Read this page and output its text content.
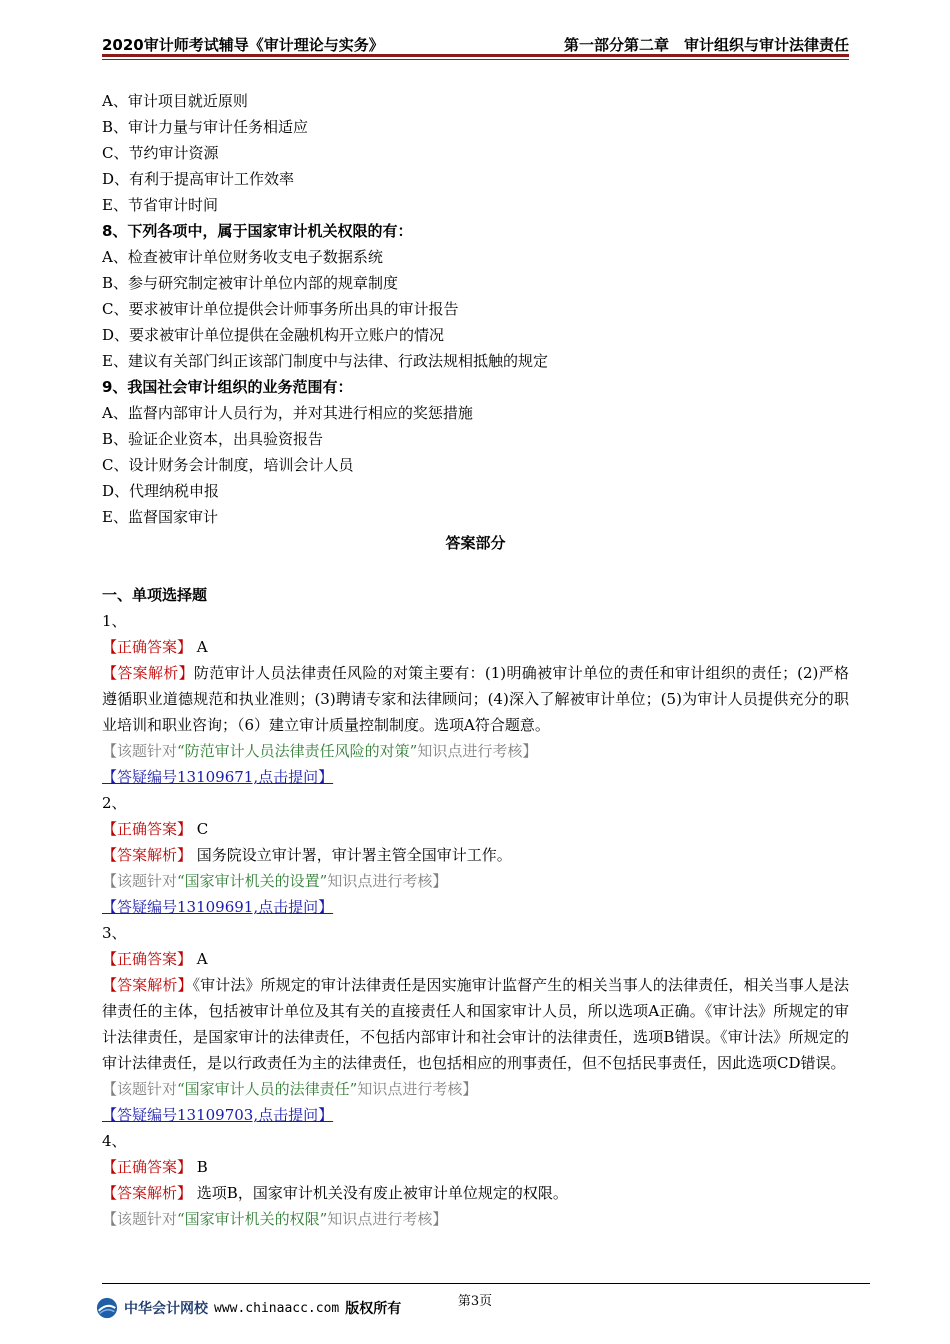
2020审计师考试辅导《审计理论与实务》	第一部分第二章　审计组织与审计法律责任
A、审计项目就近原则
B、审计力量与审计任务相适应
C、节约审计资源
D、有利于提高审计工作效率
E、节省审计时间
8、下列各项中，属于国家审计机关权限的有：
A、检查被审计单位财务收支电子数据系统
B、参与研究制定被审计单位内部的规章制度
C、要求被审计单位提供会计师事务所出具的审计报告
D、要求被审计单位提供在金融机构开立账户的情况
E、建议有关部门纠正该部门制度中与法律、行政法规相抵触的规定
9、我国社会审计组织的业务范围有：
A、监督内部审计人员行为，并对其进行相应的奖惩措施
B、验证企业资本，出具验资报告
C、设计财务会计制度，培训会计人员
D、代理纳税申报
E、监督国家审计
答案部分
一、单项选择题
1、
【正确答案】 A
【答案解析】防范审计人员法律责任风险的对策主要有：(1)明确被审计单位的责任和审计组织的责任；(2)严格遵循职业道德规范和执业准则；(3)聘请专家和法律顾问；(4)深入了解被审计单位；(5)为审计人员提供充分的职业培训和职业咨询；（6）建立审计质量控制制度。选项A符合题意。
【该题针对“防范审计人员法律责任风险的对策”知识点进行考核】
【答疑编号13109671,点击提问】
2、
【正确答案】 C
【答案解析】 国务院设立审计署，审计署主管全国审计工作。
【该题针对“国家审计机关的设置”知识点进行考核】
【答疑编号13109691,点击提问】
3、
【正确答案】 A
【答案解析】《审计法》所规定的审计法律责任是因实施审计监督产生的相关当事人的法律责任，相关当事人是法律责任的主体，包括被审计单位及其有关的直接责任人和国家审计人员，所以选项A正确。《审计法》所规定的审计法律责任，是国家审计的法律责任，不包括内部审计和社会审计的法律责任，选项B错误。《审计法》所规定的审计法律责任，是以行政责任为主的法律责任，也包括相应的刑事责任，但不包括民事责任，因此选项CD错误。
【该题针对“国家审计人员的法律责任”知识点进行考核】
【答疑编号13109703,点击提问】
4、
【正确答案】 B
【答案解析】 选项B，国家审计机关没有废止被审计单位规定的权限。
【该题针对“国家审计机关的权限”知识点进行考核】
第3页
中华会计网校 www.chinaacc.com 版权所有
